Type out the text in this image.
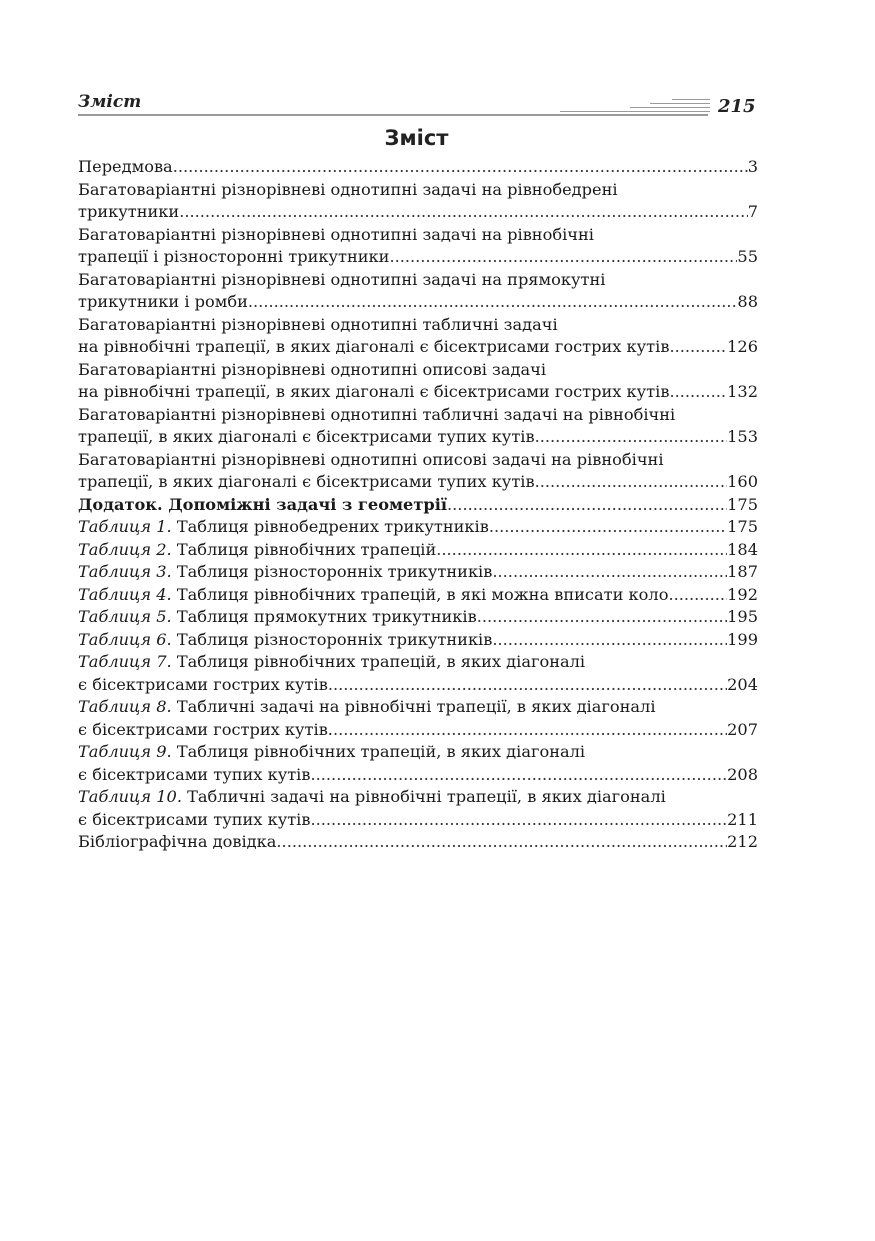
Зміст	215
Зміст
Передмова .....	3
Багатоваріантні різнорівневі однотипні задачі на рівнобедрені
трикутники .....	7
Багатоваріантні різнорівневі однотипні задачі на рівнобічні
трапеції і різносторонні трикутники .....	55
Багатоваріантні різнорівневі однотипні задачі на прямокутні
трикутники і ромби .....	88
Багатоваріантні різнорівневі однотипні табличні задачі
на рівнобічні трапеції, в яких діагоналі є бісектрисами гострих кутів .....	126
Багатоваріантні різнорівневі однотипні описові задачі
на рівнобічні трапеції, в яких діагоналі є бісектрисами гострих кутів .....	132
Багатоваріантні різнорівневі однотипні табличні задачі на рівнобічні
трапеції, в яких діагоналі є бісектрисами тупих кутів .....	153
Багатоваріантні різнорівневі однотипні описові задачі на рівнобічні
трапеції, в яких діагоналі є бісектрисами тупих кутів .....	160
Додаток. Допоміжні задачі з геометрії .....	175
Таблиця 1. Таблиця рівнобедрених трикутників .....	175
Таблиця 2. Таблиця рівнобічних трапецій .....	184
Таблиця 3. Таблиця різносторонніх трикутників .....	187
Таблиця 4. Таблиця рівнобічних трапецій, в які можна вписати коло .....	192
Таблиця 5. Таблиця прямокутних трикутників .....	195
Таблиця 6. Таблиця різносторонніх трикутників .....	199
Таблиця 7. Таблиця рівнобічних трапецій, в яких діагоналі
є бісектрисами гострих кутів .....	204
Таблиця 8. Табличні задачі на рівнобічні трапеції, в яких діагоналі
є бісектрисами гострих кутів. .....	207
Таблиця 9. Таблиця рівнобічних трапецій, в яких діагоналі
є бісектрисами тупих кутів .....	208
Таблиця 10. Табличні задачі на рівнобічні трапеції, в яких діагоналі
є бісектрисами тупих кутів .....	211
Бібліографічна довідка .....	212
